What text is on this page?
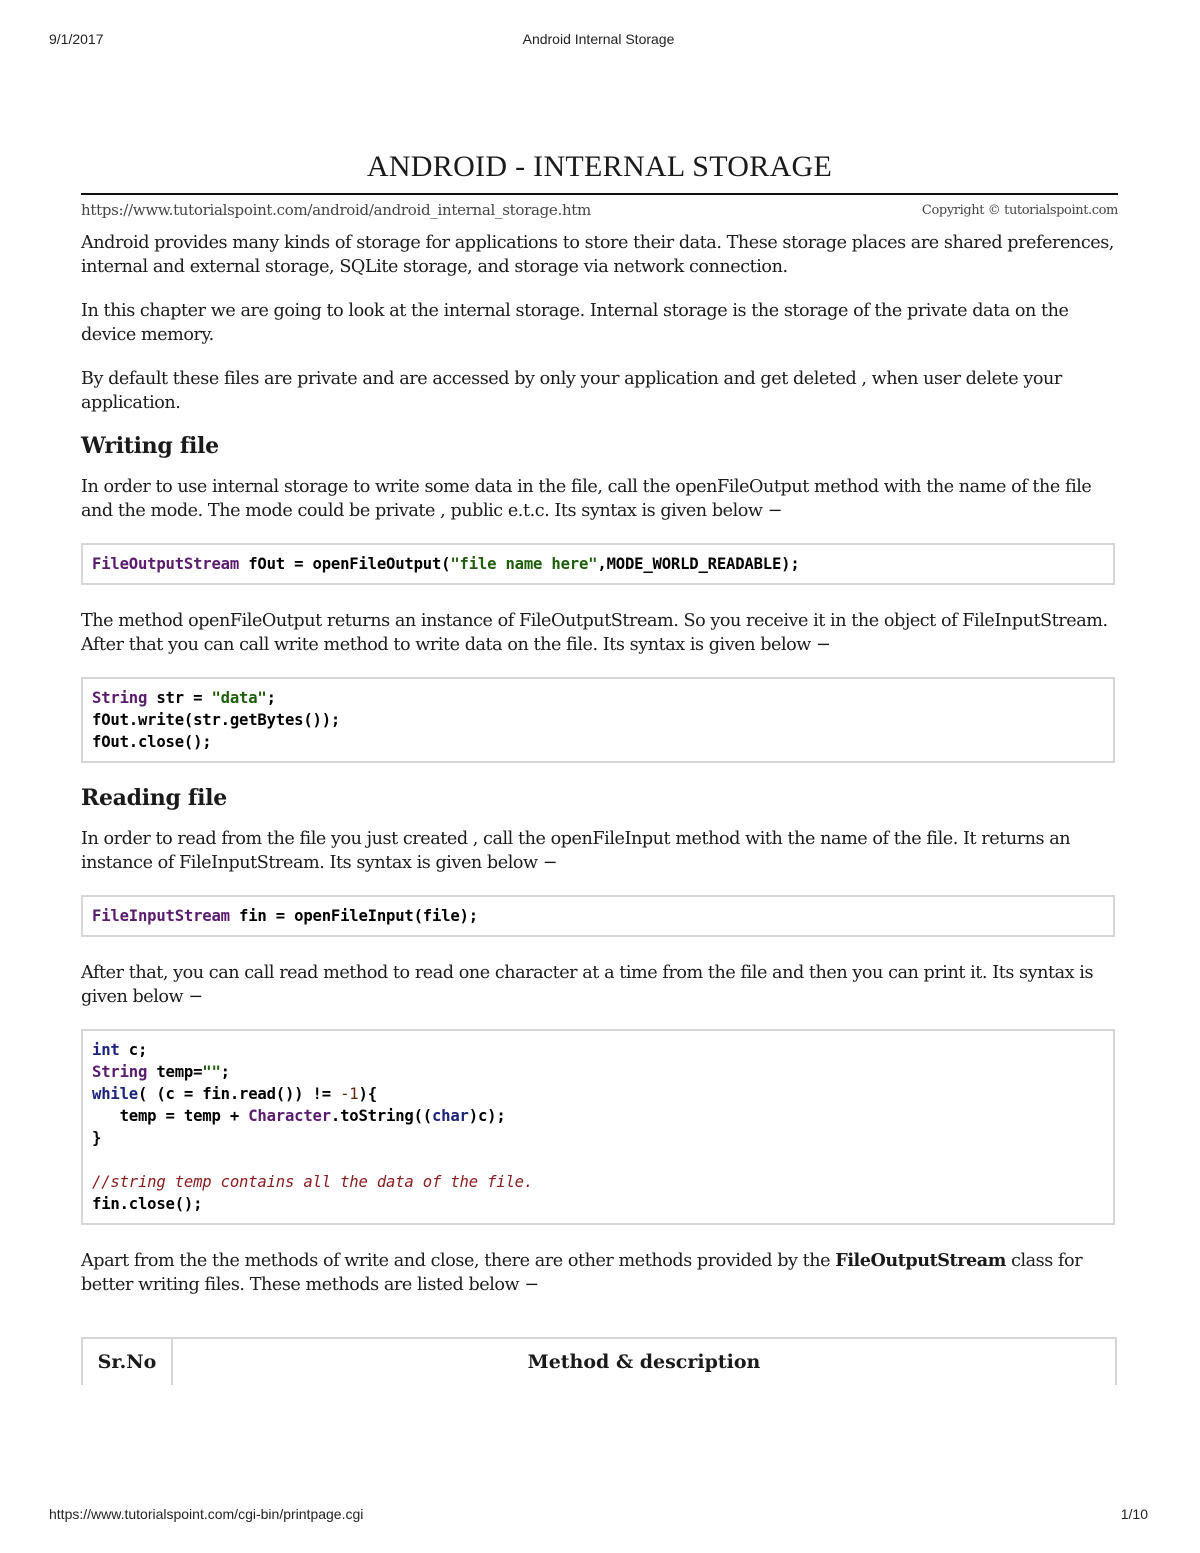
9/1/2017	Android Internal Storage
ANDROID - INTERNAL STORAGE
https://www.tutorialspoint.com/android/android_internal_storage.htm	Copyright © tutorialspoint.com

Android provides many kinds of storage for applications to store their data. These storage places are shared preferences, internal and external storage, SQLite storage, and storage via network connection.

In this chapter we are going to look at the internal storage. Internal storage is the storage of the private data on the device memory.

By default these files are private and are accessed by only your application and get deleted , when user delete your application.

Writing file

In order to use internal storage to write some data in the file, call the openFileOutput method with the name of the file and the mode. The mode could be private , public e.t.c. Its syntax is given below −

FileOutputStream fOut = openFileOutput("file name here",MODE_WORLD_READABLE);

The method openFileOutput returns an instance of FileOutputStream. So you receive it in the object of FileInputStream. After that you can call write method to write data on the file. Its syntax is given below −

String str = "data";
fOut.write(str.getBytes());
fOut.close();
Reading file

In order to read from the file you just created , call the openFileInput method with the name of the file. It returns an instance of FileInputStream. Its syntax is given below −

FileInputStream fin = openFileInput(file);

After that, you can call read method to read one character at a time from the file and then you can print it. Its syntax is given below −

int c;
String temp="";
while( (c = fin.read()) != -1){
temp = temp + Character.toString((char)c);
}
//string temp contains all the data of the file.
fin.close();

Apart from the the methods of write and close, there are other methods provided by the FileOutputStream class for better writing files. These methods are listed below −

Sr.No	Method & description
https://www.tutorialspoint.com/cgi-bin/printpage.cgi	1/10
